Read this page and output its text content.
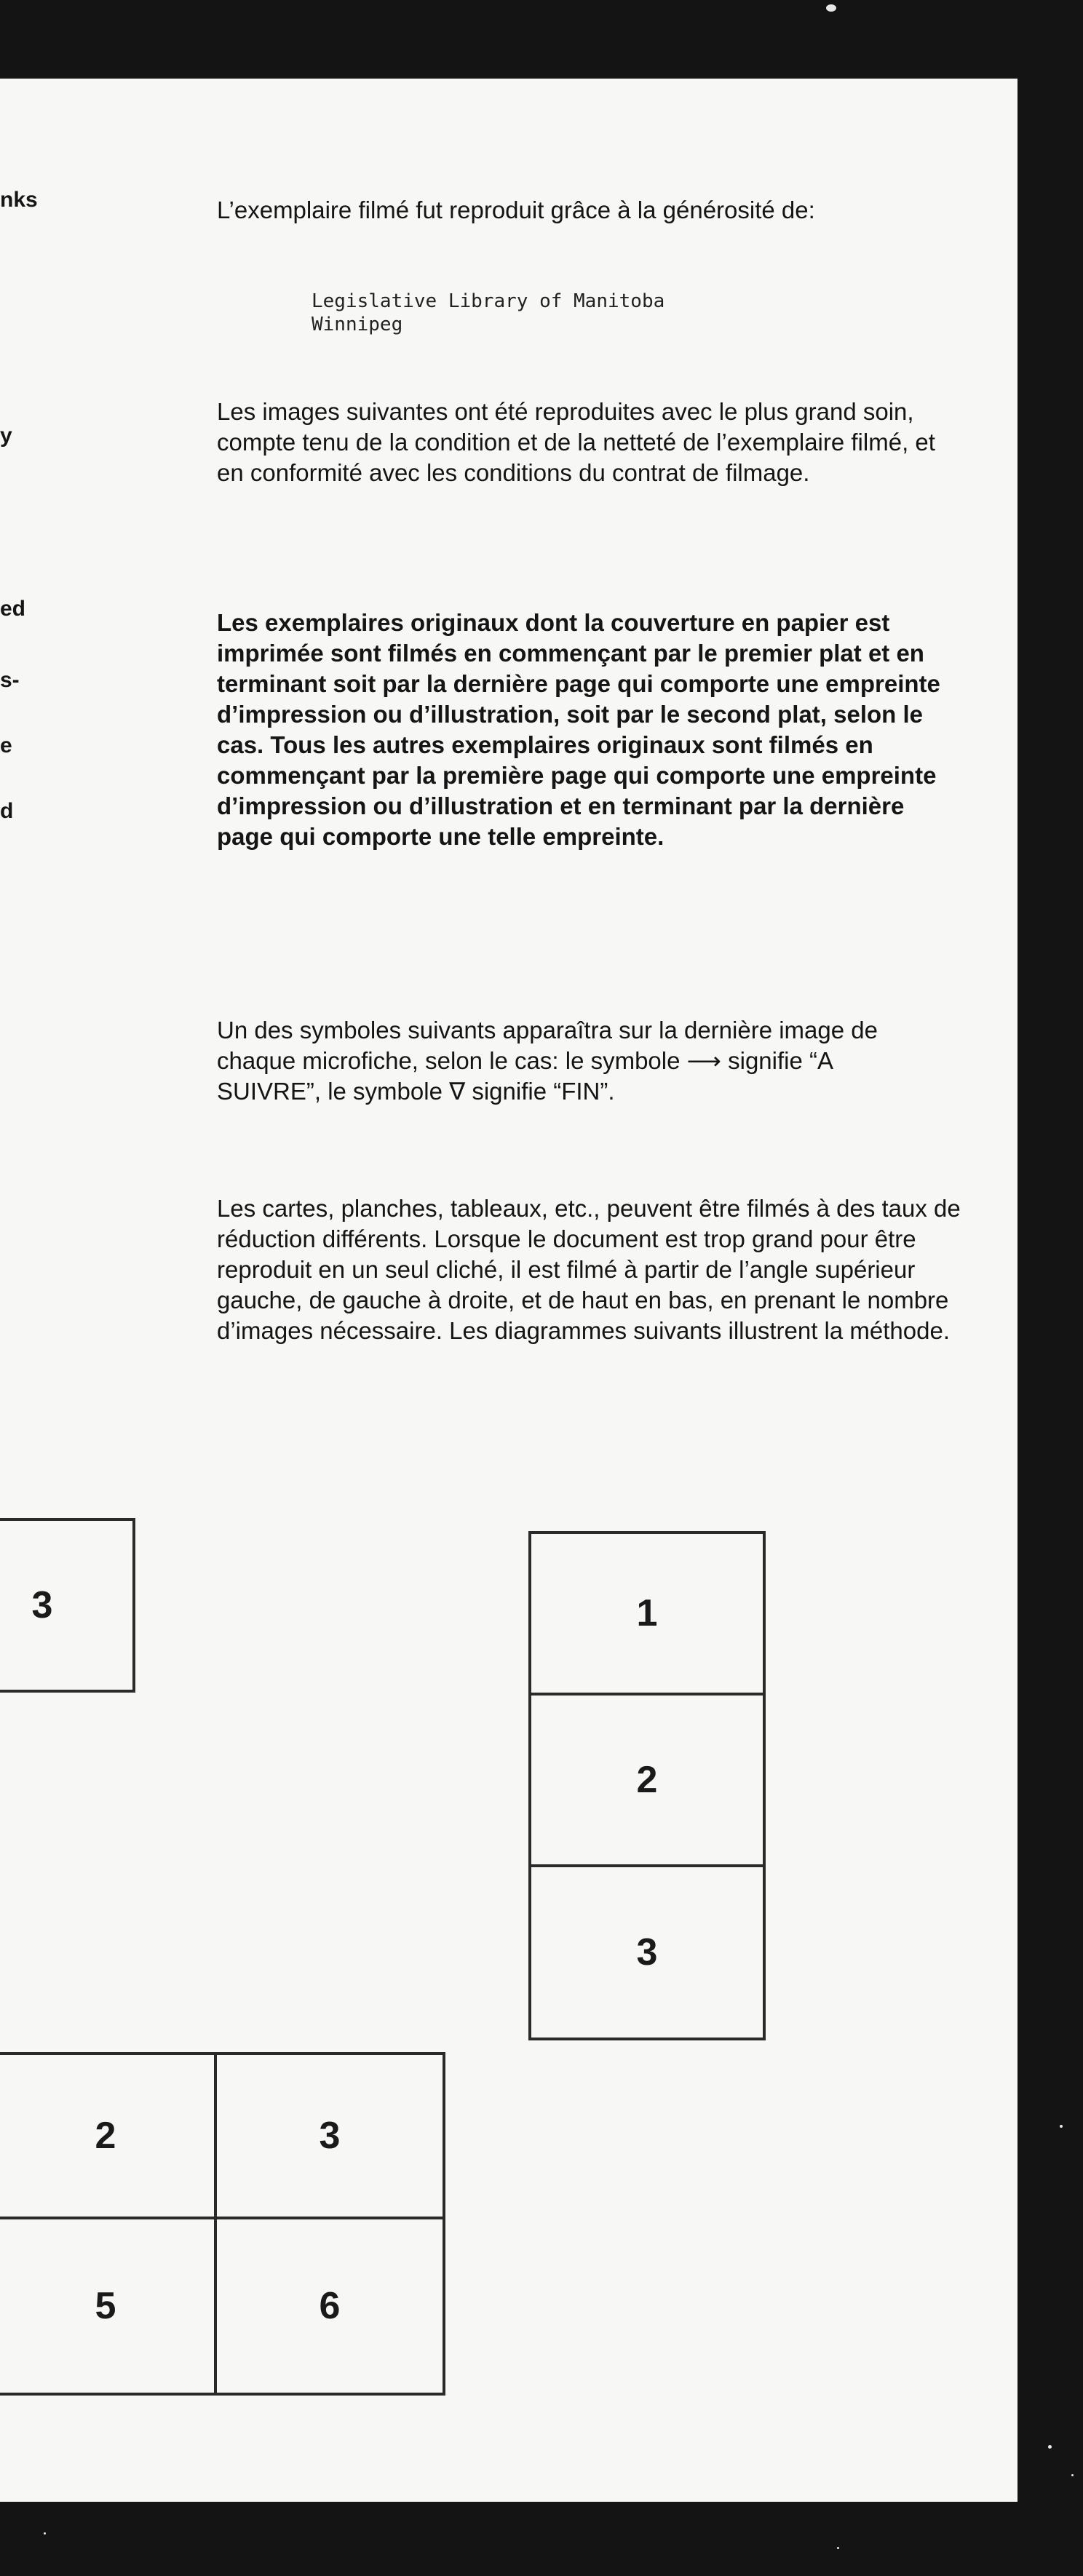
nks
y
ed
s-
e
d
L’exemplaire filmé fut reproduit grâce à la générosité de:
Legislative Library of Manitoba
Winnipeg
Les images suivantes ont été reproduites avec le plus grand soin, compte tenu de la condition et de la netteté de l’exemplaire filmé, et en conformité avec les conditions du contrat de filmage.
Les exemplaires originaux dont la couverture en papier est imprimée sont filmés en commençant par le premier plat et en terminant soit par la dernière page qui comporte une empreinte d’impression ou d’illustration, soit par le second plat, selon le cas. Tous les autres exemplaires originaux sont filmés en commençant par la première page qui comporte une empreinte d’impression ou d’illustration et en terminant par la dernière page qui comporte une telle empreinte.
Un des symboles suivants apparaîtra sur la dernière image de chaque microfiche, selon le cas: le symbole ⟶ signifie “A SUIVRE”, le symbole ∇ signifie “FIN”.
Les cartes, planches, tableaux, etc., peuvent être filmés à des taux de réduction différents. Lorsque le document est trop grand pour être reproduit en un seul cliché, il est filmé à partir de l’angle supérieur gauche, de gauche à droite, et de haut en bas, en prenant le nombre d’images nécessaire. Les diagrammes suivants illustrent la méthode.
3	1
2
3
2	3
5	6
